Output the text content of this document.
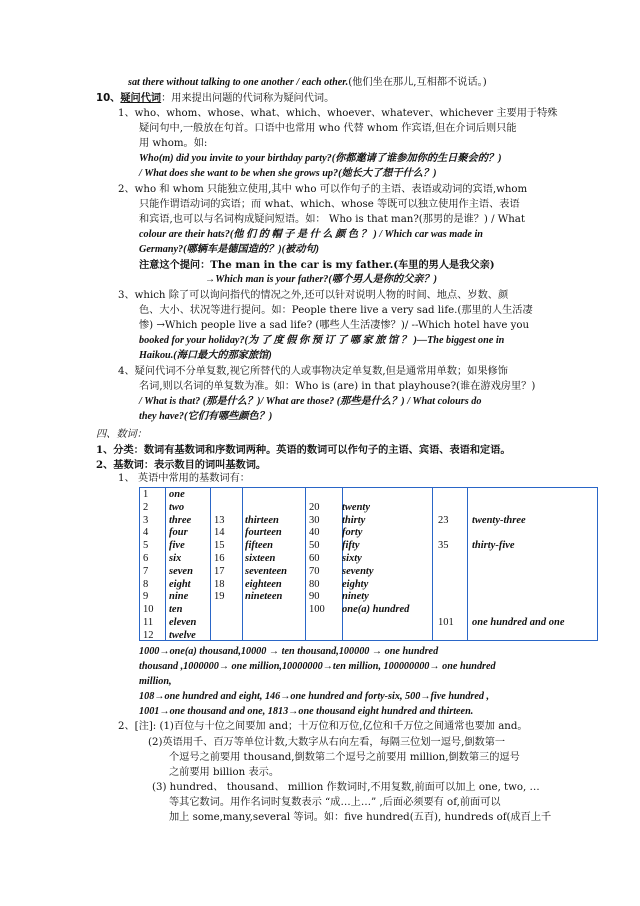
sat there without talking to one another / each other.(他们坐在那儿,互相都不说话。)
10、疑问代词：用来提出问题的代词称为疑问代词。
1、who、whom、whose、what、which、whoever、whatever、whichever 主要用于特殊
疑问句中,一般放在句首。口语中也常用 who 代替 whom 作宾语,但在介词后则只能
用 whom。如:
Who(m) did you invite to your birthday party?(你都邀请了谁参加你的生日聚会的？)
/ What does she want to be when she grows up?(她长大了想干什么？)
2、who 和 whom 只能独立使用,其中 who 可以作句子的主语、表语或动词的宾语,whom
只能作谓语动词的宾语；而 what、which、whose 等既可以独立使用作主语、表语
和宾语,也可以与名词构成疑问短语。如： Who is that man?(那男的是谁？) / What
colour are their hats?(他 们 的 帽 子 是 什 么 颜 色 ？ ) / Which car was made in
Germany?(哪辆车是德国造的？)(被动句)
注意这个提问：The man in the car is my father.(车里的男人是我父亲)
→Which man is your father?(哪个男人是你的父亲？)
3、which 除了可以询问指代的情况之外,还可以针对说明人物的时间、地点、岁数、颜
色、大小、状况等进行提问。如：People there live a very sad life.(那里的人生活凄
惨) →Which people live a sad life? (哪些人生活凄惨？)/ --Which hotel have you
booked for your holiday?(为 了 度 假 你 预 订 了 哪 家 旅 馆 ？ )—The biggest one in
Haikou.(海口最大的那家旅馆)
4、疑问代词不分单复数,视它所替代的人或事物决定单复数,但是通常用单数；如果修饰
名词,则以名词的单复数为准。如：Who is (are) in that playhouse?(谁在游戏房里？)
/ What is that? (那是什么？)/ What are those? (那些是什么？) / What colours do
they have?(它们有哪些颜色？)
四、数词：
1、分类：数词有基数词和序数词两种。英语的数词可以作句子的主语、宾语、表语和定语。
2、基数词：表示数目的词叫基数词。
1、 英语中常用的基数词有：
1
2
3
4
5
6
7
8
9
10
11
12
one
two
three
four
five
six
seven
eight
nine
ten
eleven
twelve
13
14
15
16
17
18
19
thirteen
fourteen
fifteen
sixteen
seventeen
eighteen
nineteen
20
30
40
50
60
70
80
90
100
twenty
thirty
forty
fifty
sixty
seventy
eighty
ninety
one(a) hundred
23
35
101
twenty-three
thirty-five
one hundred and one
1000→one(a) thousand,10000 → ten thousand,100000 → one hundred
thousand ,1000000→ one million,10000000→ten million, 100000000→ one hundred
million,
108→one hundred and eight, 146→one hundred and forty-six, 500→five hundred ,
1001→one thousand and one, 1813→one thousand eight hundred and thirteen.
2、[注]: (1)百位与十位之间要加 and；十万位和万位,亿位和千万位之间通常也要加 and。
(2)英语用千、百万等单位计数,大数字从右向左看，每隔三位划一逗号,倒数第一
个逗号之前要用 thousand,倒数第二个逗号之前要用 million,倒数第三的逗号
之前要用 billion 表示。
(3) hundred、 thousand、 million 作数词时,不用复数,前面可以加上 one, two, …
等其它数词。用作名词时复数表示 “成…上…” ,后面必须要有 of,前面可以
加上 some,many,several 等词。如：five hundred(五百), hundreds of(成百上千
